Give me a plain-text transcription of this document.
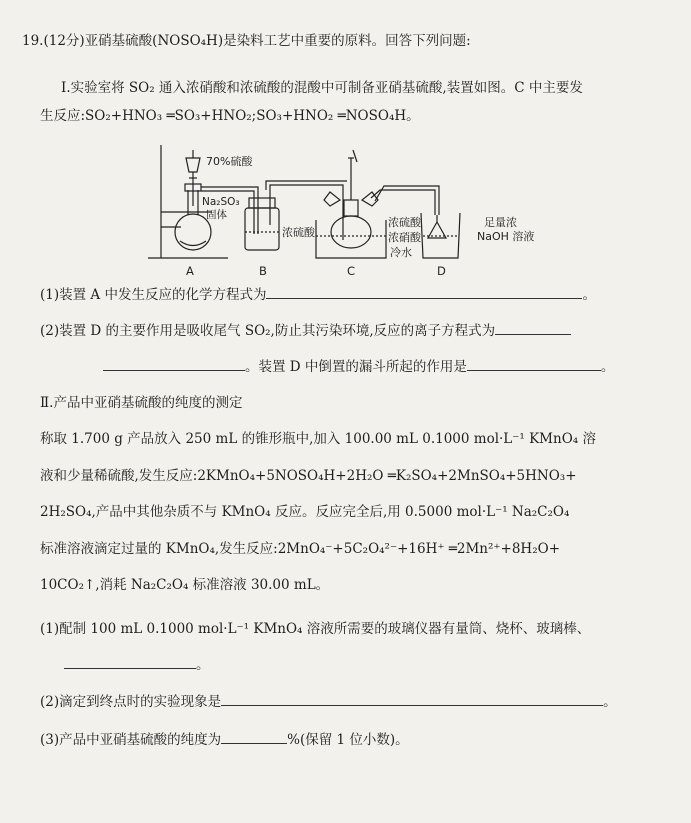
19.(12分)亚硝基硫酸(NOSO₄H)是染料工艺中重要的原料。回答下列问题:
Ⅰ.实验室将 SO₂ 通入浓硝酸和浓硫酸的混酸中可制备亚硝基硫酸,装置如图。C 中主要发
生反应:SO₂+HNO₃ ═SO₃+HNO₂;SO₃+HNO₂ ═NOSO₄H。
70%硫酸
Na₂SO₃
固体
浓硫酸
浓硫酸
浓硝酸
冷水
足量浓
NaOH 溶液
A	B	C	D
(1)装置 A 中发生反应的化学方程式为	。
(2)装置 D 的主要作用是吸收尾气 SO₂,防止其污染环境,反应的离子方程式为
。装置 D 中倒置的漏斗所起的作用是	。
Ⅱ.产品中亚硝基硫酸的纯度的测定
称取 1.700 g 产品放入 250 mL 的锥形瓶中,加入 100.00 mL 0.1000 mol·L⁻¹ KMnO₄ 溶
液和少量稀硫酸,发生反应:2KMnO₄+5NOSO₄H+2H₂O ═K₂SO₄+2MnSO₄+5HNO₃+
2H₂SO₄,产品中其他杂质不与 KMnO₄ 反应。反应完全后,用 0.5000 mol·L⁻¹ Na₂C₂O₄
标准溶液滴定过量的 KMnO₄,发生反应:2MnO₄⁻+5C₂O₄²⁻+16H⁺ ═2Mn²⁺+8H₂O+
10CO₂↑,消耗 Na₂C₂O₄ 标准溶液 30.00 mL。
(1)配制 100 mL 0.1000 mol·L⁻¹ KMnO₄ 溶液所需要的玻璃仪器有量筒、烧杯、玻璃棒、
。
(2)滴定到终点时的实验现象是	。
(3)产品中亚硝基硫酸的纯度为	%(保留 1 位小数)。
